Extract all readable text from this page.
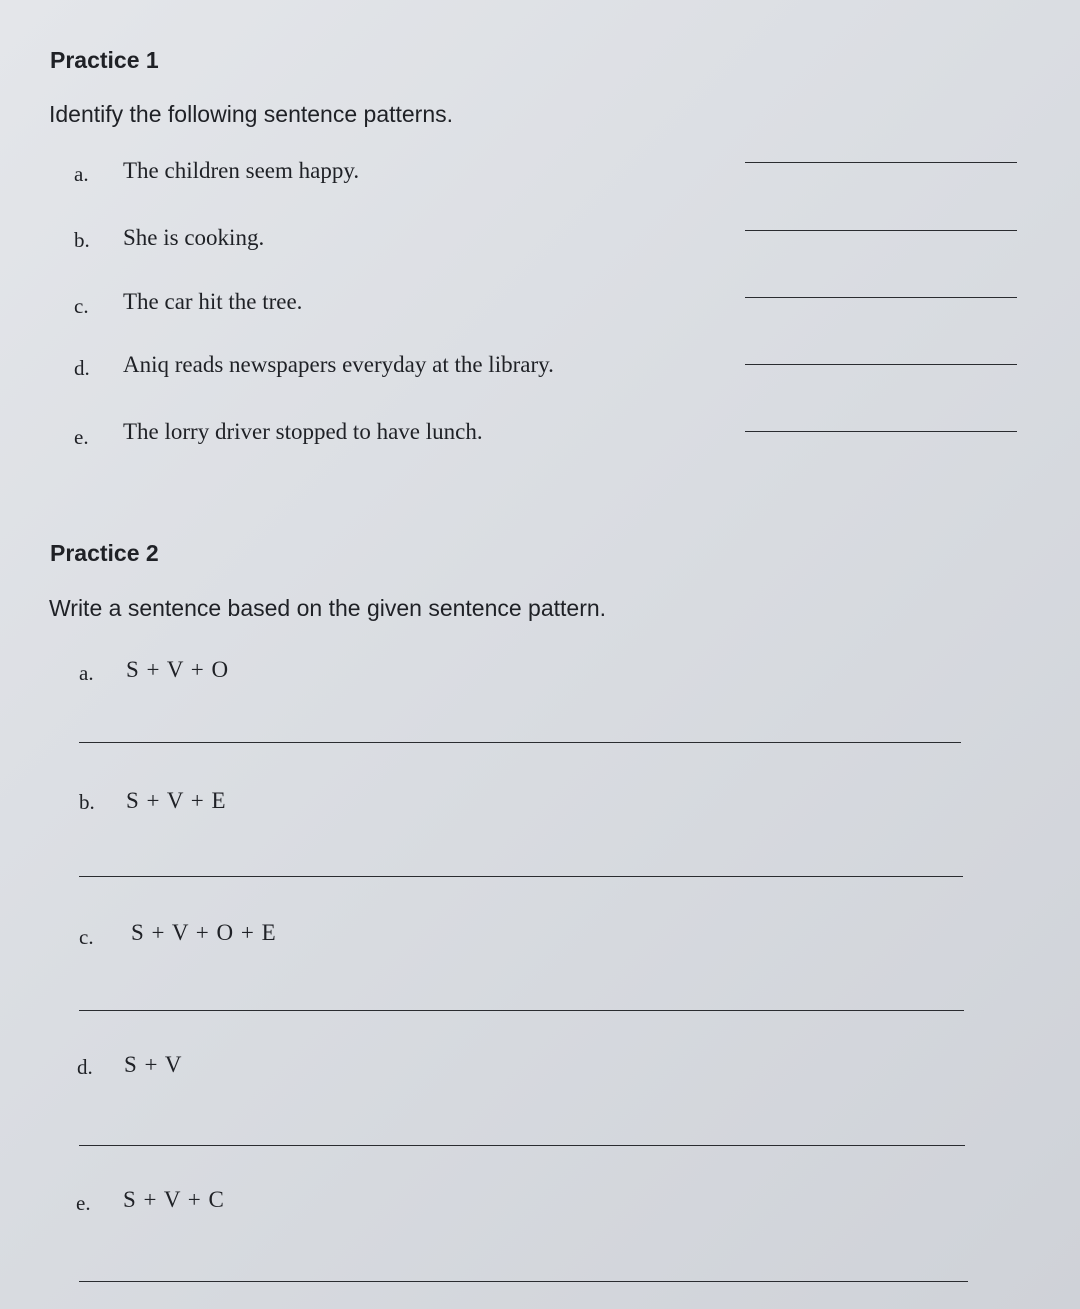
Practice 1
Identify the following sentence patterns.
a. The children seem happy.
b. She is cooking.
c. The car hit the tree.
d. Aniq reads newspapers everyday at the library.
e. The lorry driver stopped to have lunch.
Practice 2
Write a sentence based on the given sentence pattern.
a. S + V + O
b. S + V + E
c. S + V + O + E
d. S + V
e. S + V + C
